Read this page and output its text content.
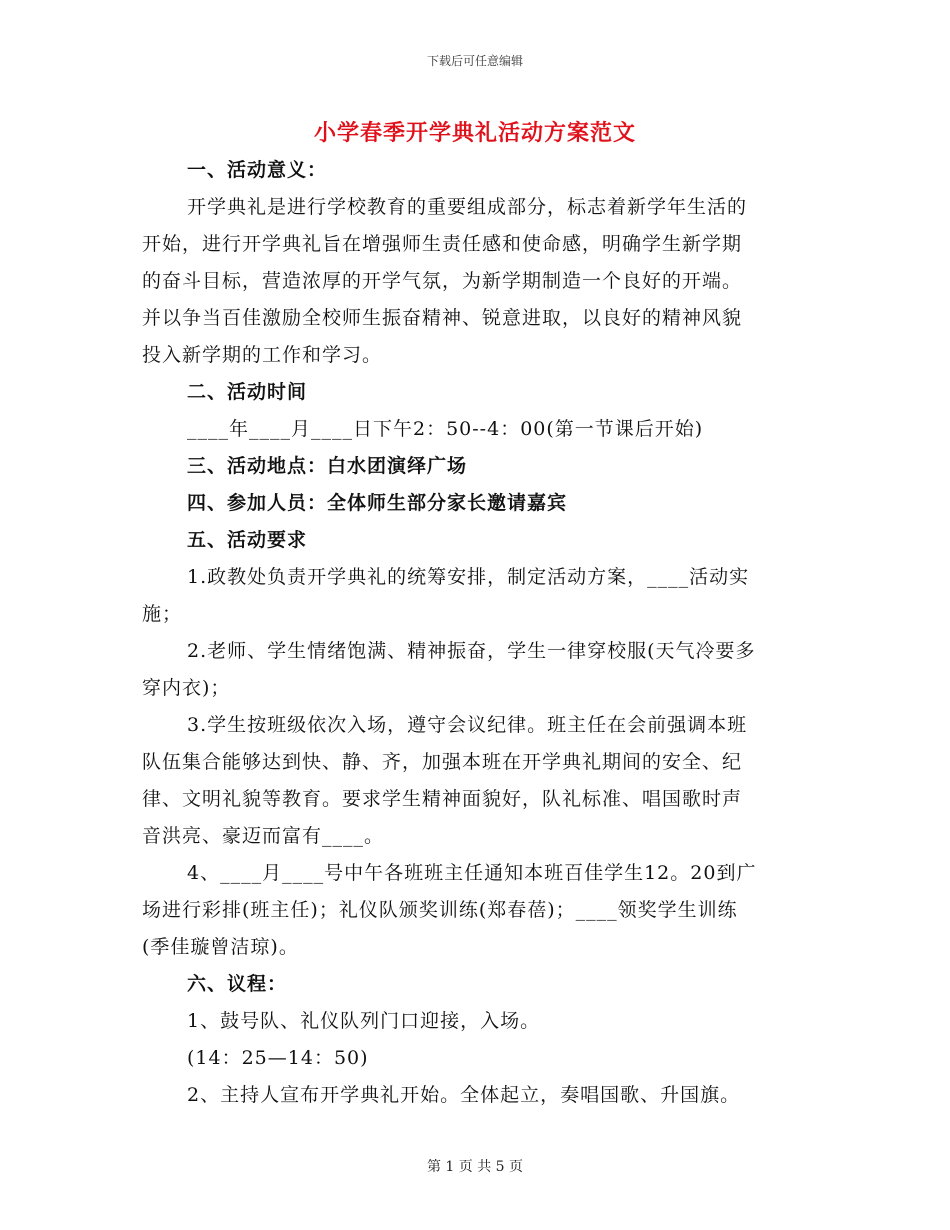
下载后可任意编辑
小学春季开学典礼活动方案范文
一、活动意义：
开学典礼是进行学校教育的重要组成部分，标志着新学年生活的
开始，进行开学典礼旨在增强师生责任感和使命感，明确学生新学期
的奋斗目标，营造浓厚的开学气氛，为新学期制造一个良好的开端。
并以争当百佳激励全校师生振奋精神、锐意进取，以良好的精神风貌
投入新学期的工作和学习。
二、活动时间
____年____月____日下午2：50--4：00(第一节课后开始)
三、活动地点：白水团演绎广场
四、参加人员：全体师生部分家长邀请嘉宾
五、活动要求
1.政教处负责开学典礼的统筹安排，制定活动方案，____活动实
施；
2.老师、学生情绪饱满、精神振奋，学生一律穿校服(天气冷要多
穿内衣)；
3.学生按班级依次入场，遵守会议纪律。班主任在会前强调本班
队伍集合能够达到快、静、齐，加强本班在开学典礼期间的安全、纪
律、文明礼貌等教育。要求学生精神面貌好，队礼标准、唱国歌时声
音洪亮、豪迈而富有____。
4、____月____号中午各班班主任通知本班百佳学生12。20到广
场进行彩排(班主任)；礼仪队颁奖训练(郑春蓓)；____领奖学生训练
(季佳璇曾洁琼)。
六、议程：
1、鼓号队、礼仪队列门口迎接，入场。
(14：25—14：50)
2、主持人宣布开学典礼开始。全体起立，奏唱国歌、升国旗。
第 1 页 共 5 页
